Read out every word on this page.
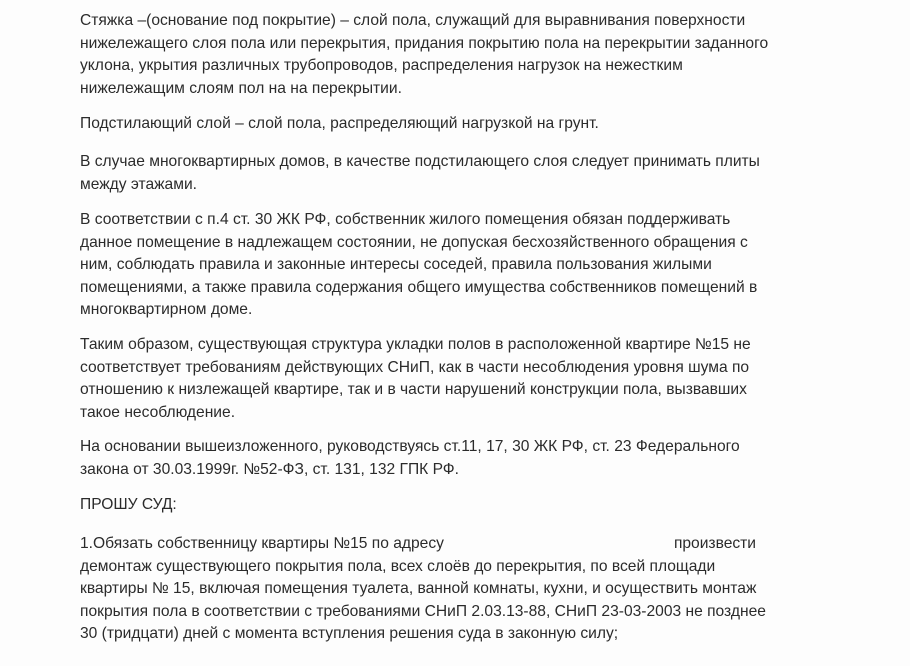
Стяжка –(основание под покрытие) – слой пола, служащий для выравнивания поверхности
нижележащего слоя пола или перекрытия, придания покрытию пола на перекрытии заданного
уклона, укрытия различных трубопроводов, распределения нагрузок на нежестким
нижележащим слоям пол на на перекрытии.

Подстилающий слой – слой пола, распределяющий нагрузкой на грунт.

В случае многоквартирных домов, в качестве подстилающего слоя следует принимать плиты
между этажами.

В соответствии с п.4 ст. 30 ЖК РФ, собственник жилого помещения обязан поддерживать
данное помещение в надлежащем состоянии, не допуская бесхозяйственного обращения с
ним, соблюдать правила и законные интересы соседей, правила пользования жилыми
помещениями, а также правила содержания общего имущества собственников помещений в
многоквартирном доме.

Таким образом, существующая структура укладки полов в расположенной квартире №15 не
соответствует требованиям действующих СНиП, как в части несоблюдения уровня шума по
отношению к низлежащей квартире, так и в части нарушений конструкции пола, вызвавших
такое несоблюдение.

На основании вышеизложенного, руководствуясь ст.11, 17, 30 ЖК РФ, ст. 23 Федерального
закона от 30.03.1999г. №52-ФЗ, ст. 131, 132 ГПК РФ.

ПРОШУ СУД:

1.Обязать собственницу квартиры №15 по адресу	произвести
демонтаж существующего покрытия пола, всех слоёв до перекрытия, по всей площади
квартиры № 15, включая помещения туалета, ванной комнаты, кухни, и осуществить монтаж
покрытия пола в соответствии с требованиями СНиП 2.03.13-88, СНиП 23-03-2003 не позднее
30 (тридцати) дней с момента вступления решения суда в законную силу;
